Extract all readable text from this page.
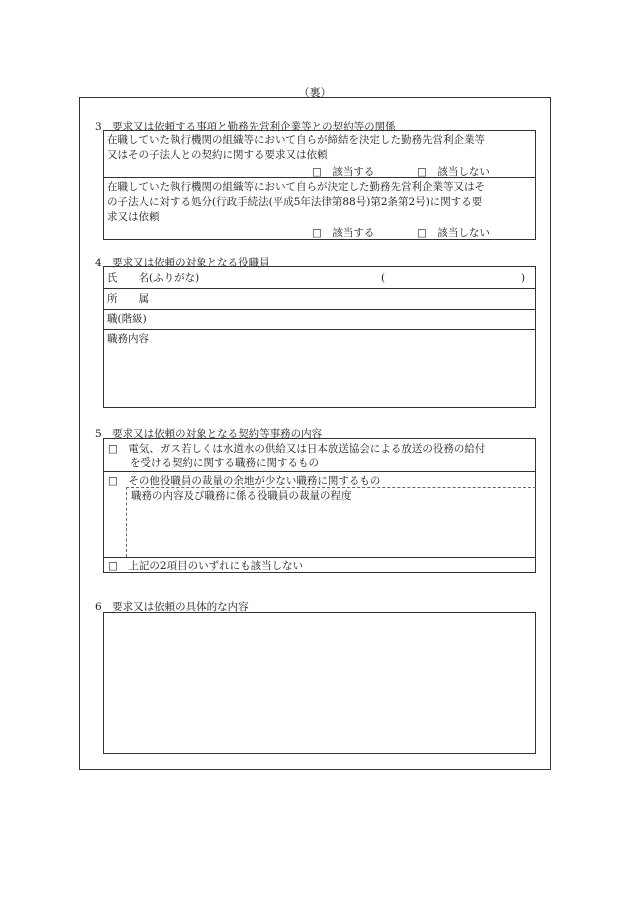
（裏）
3　要求又は依頼する事項と勤務先営利企業等との契約等の関係
在職していた執行機関の組織等において自らが締結を決定した勤務先営利企業等
又はその子法人との契約に関する要求又は依頼
□　該当する	□　該当しない
在職していた執行機関の組織等において自らが決定した勤務先営利企業等又はそ
の子法人に対する処分(行政手続法(平成5年法律第88号)第2条第2号)に関する要
求又は依頼
□　該当する	□　該当しない
4　要求又は依頼の対象となる役職員
氏　　名(ふりがな)	(	)
所　　属
職(階級)
職務内容
5　要求又は依頼の対象となる契約等事務の内容
□　電気、ガス若しくは水道水の供給又は日本放送協会による放送の役務の給付
を受ける契約に関する職務に関するもの
□　その他役職員の裁量の余地が少ない職務に関するもの
職務の内容及び職務に係る役職員の裁量の程度
□　上記の2項目のいずれにも該当しない
6　要求又は依頼の具体的な内容
